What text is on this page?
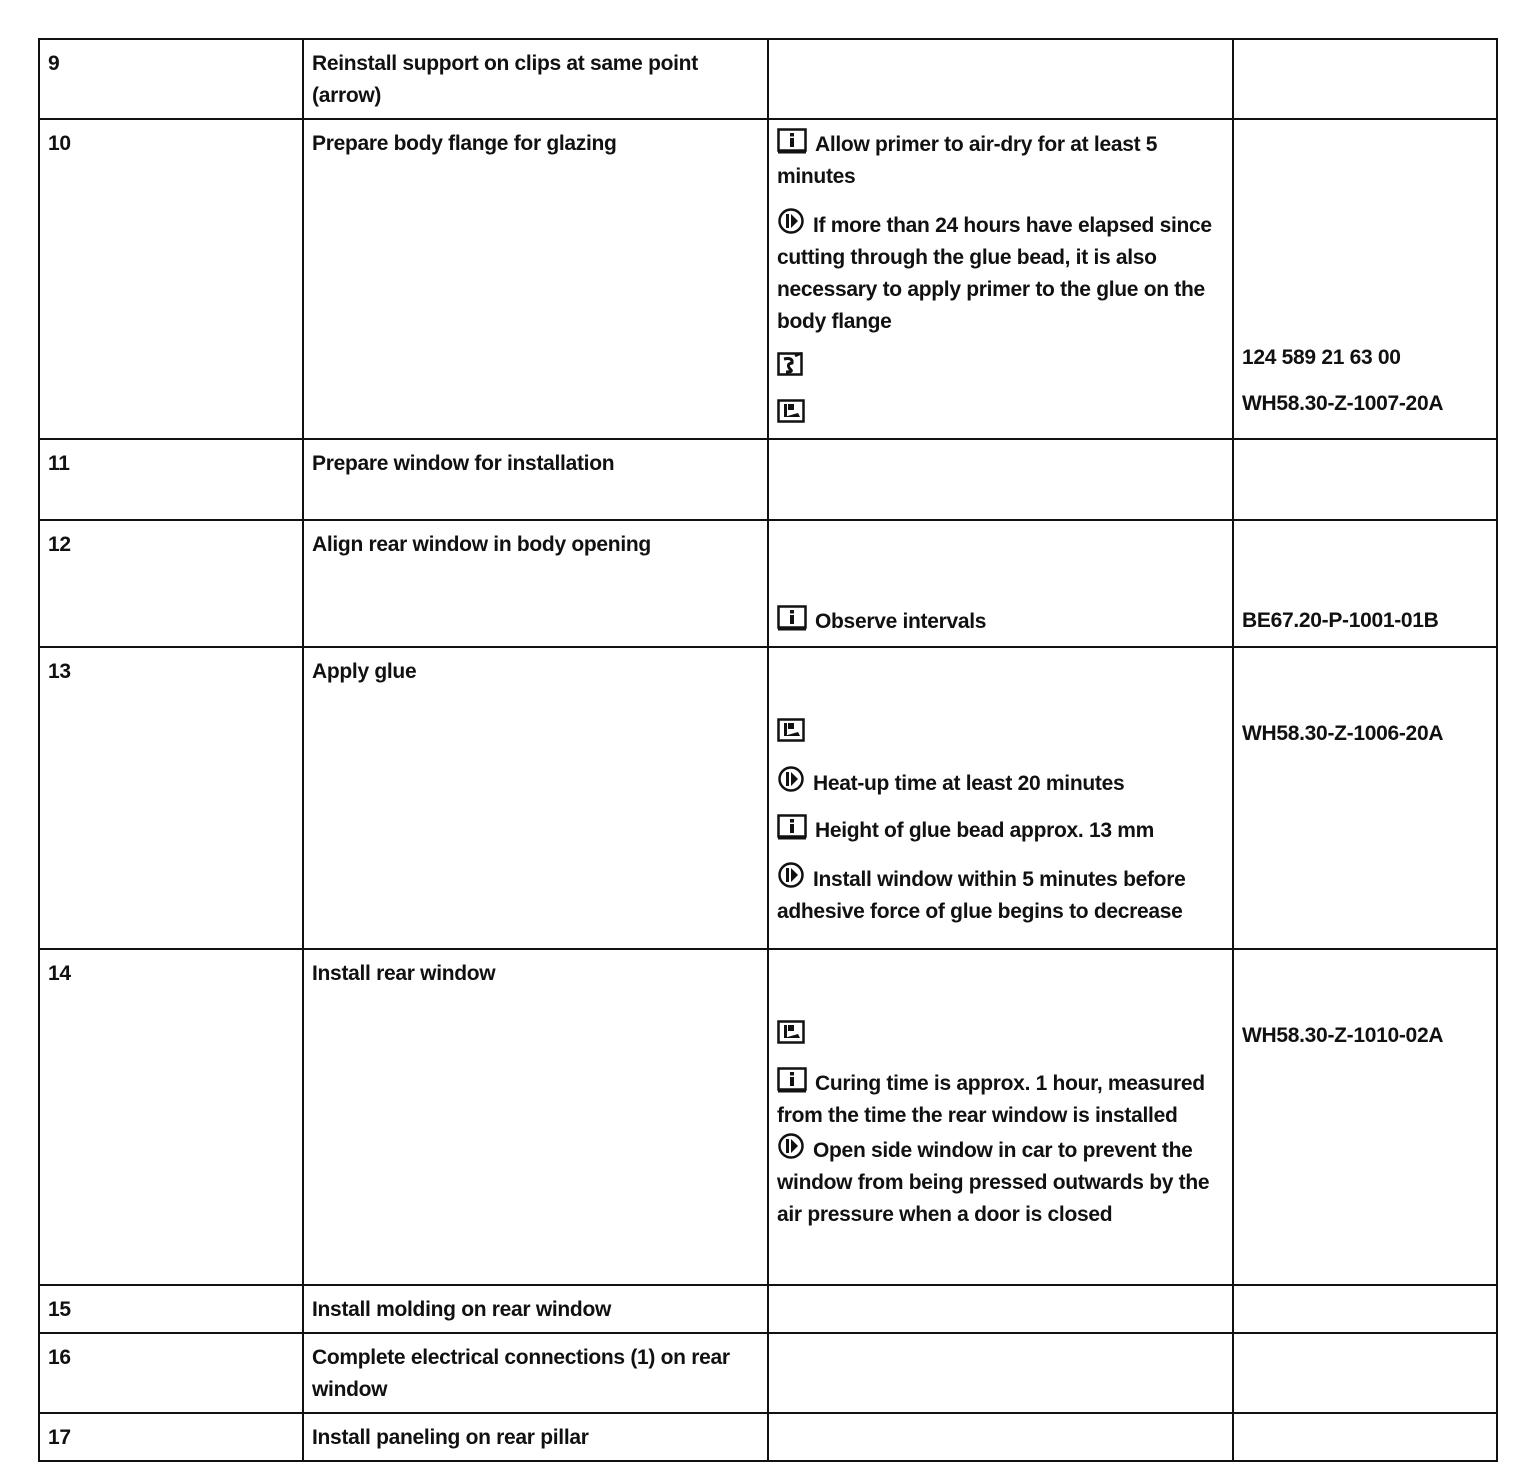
9	Reinstall support on clips at same point (arrow)		
10	Prepare body flange for glazing	Allow primer to air-dry for at least 5 minutes
If more than 24 hours have elapsed since cutting through the glue bead, it is also necessary to apply primer to the glue on the body flange	124 589 21 63 00
WH58.30-Z-1007-20A

11	Prepare window for installation		
12	Align rear window in body opening	Observe intervals	BE67.20-P-1001-01B

13	Apply glue	Heat-up time at least 20 minutes
Height of glue bead approx. 13 mm
Install window within 5 minutes before adhesive force of glue begins to decrease	WH58.30-Z-1006-20A

14	Install rear window	Curing time is approx. 1 hour, measured from the time the rear window is installed
Open side window in car to prevent the window from being pressed outwards by the air pressure when a door is closed	WH58.30-Z-1010-02A

15	Install molding on rear window		
16	Complete electrical connections (1) on rear window		
17	Install paneling on rear pillar		
